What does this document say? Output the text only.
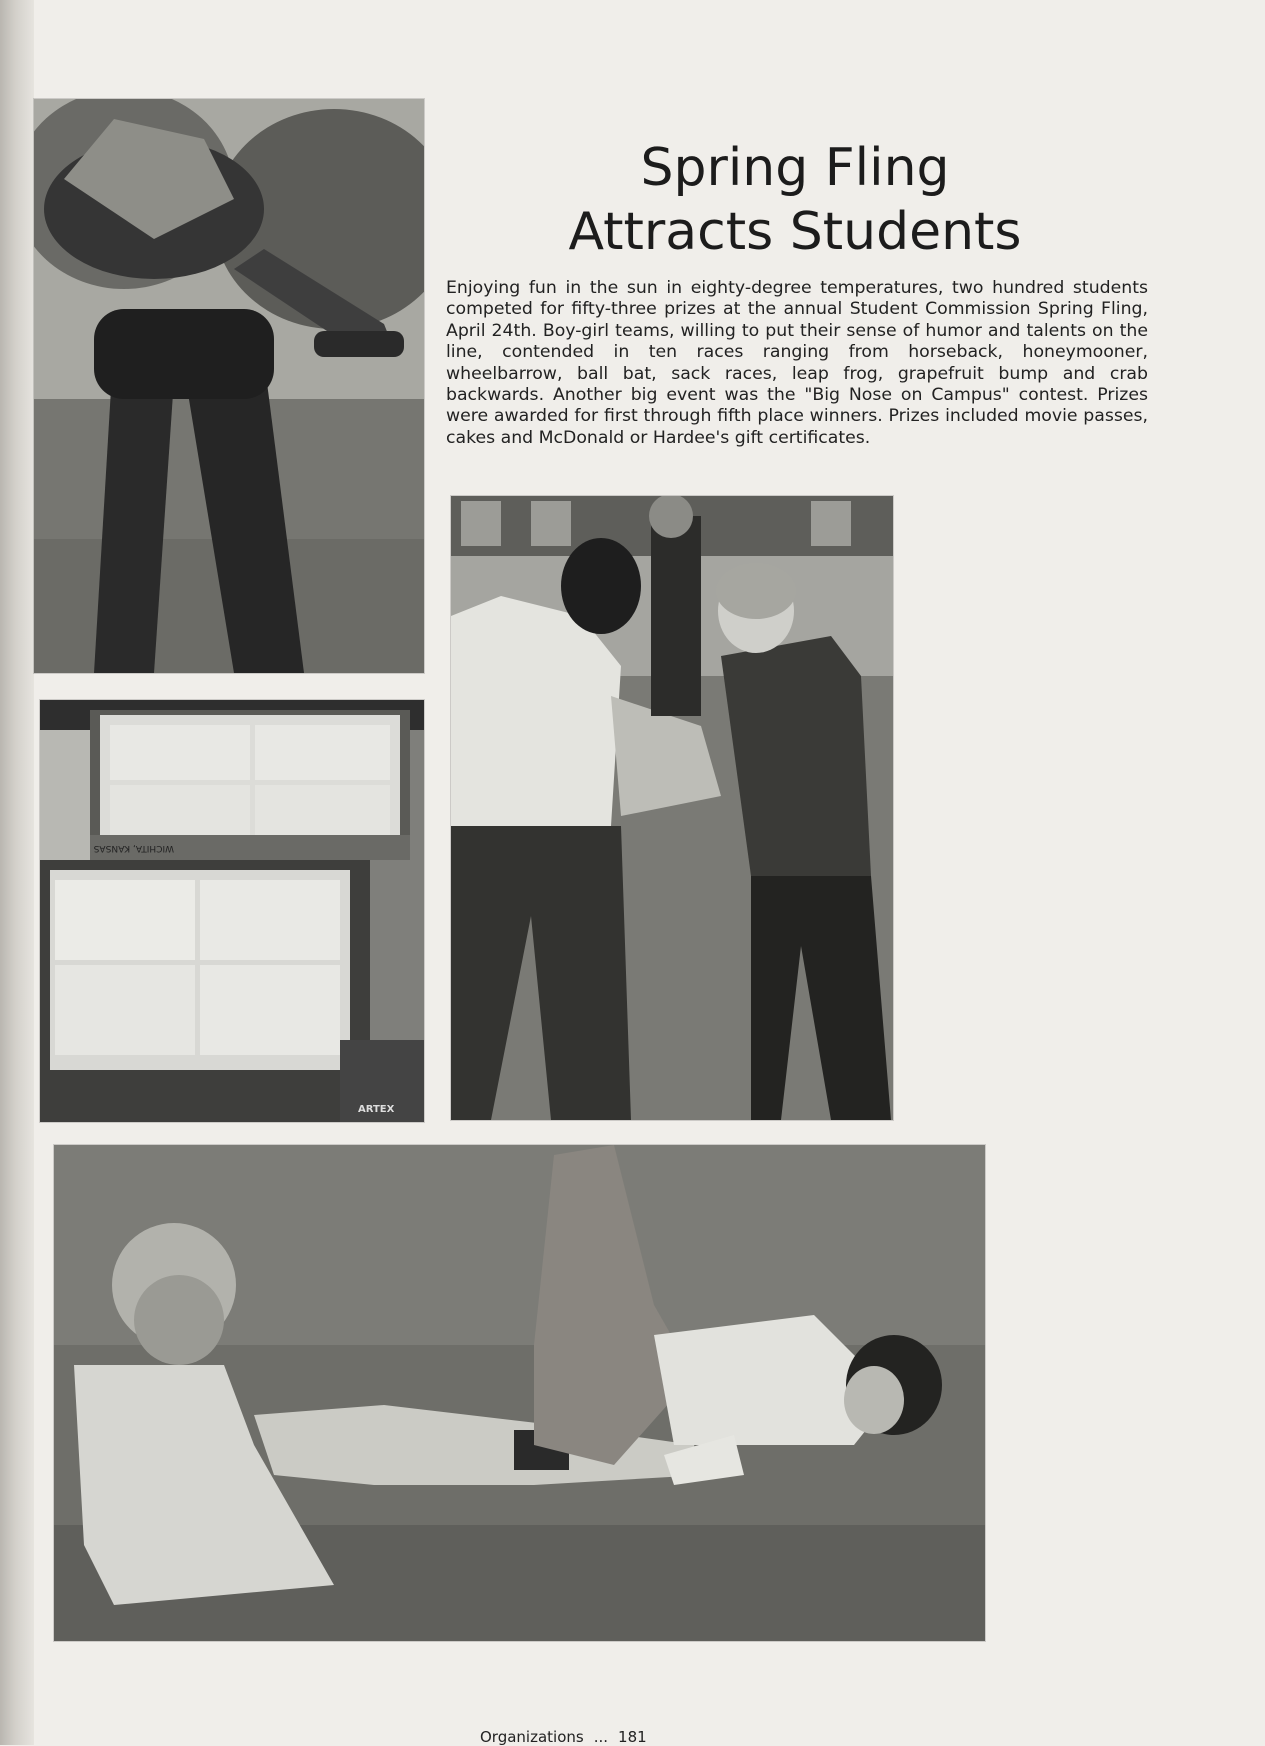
WICHITA, KANSAS
ARTEX
Spring Fling
Attracts Students

Enjoying fun in the sun in eighty-degree temperatures, two hundred students competed for fifty-three prizes at the annual Student Commission Spring Fling, April 24th. Boy-girl teams, willing to put their sense of humor and talents on the line, contended in ten races ranging from horseback, honeymooner, wheelbarrow, ball bat, sack races, leap frog, grapefruit bump and crab backwards. Another big event was the "Big Nose on Campus" contest. Prizes were awarded for first through fifth place winners. Prizes included movie passes, cakes and McDonald or Hardee's gift certificates.

Organizations ... 181
